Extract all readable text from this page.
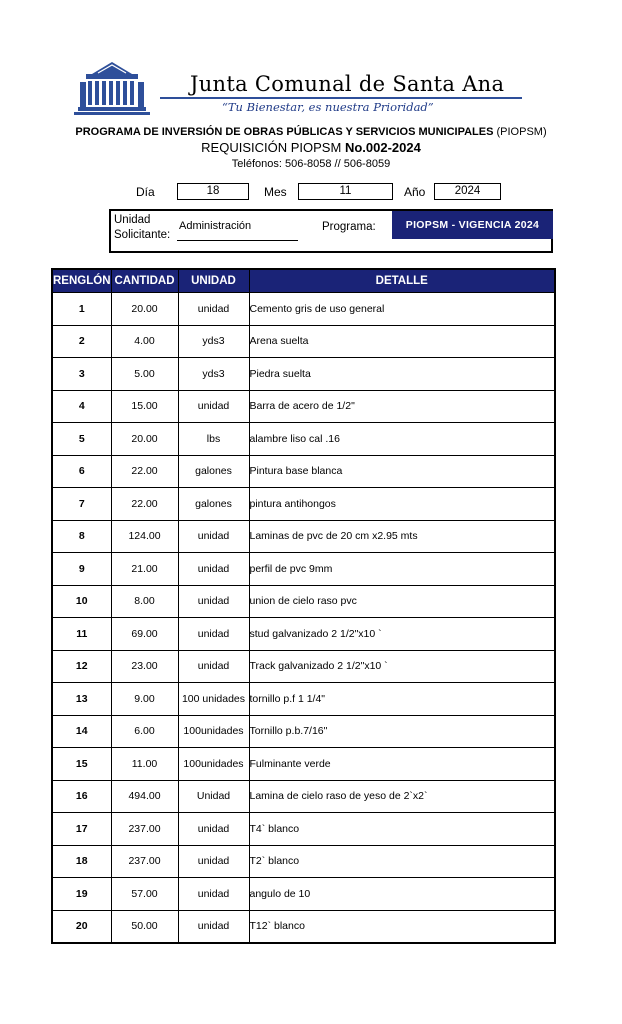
Junta Comunal de Santa Ana
“Tu Bienestar, es nuestra Prioridad”
PROGRAMA DE INVERSIÓN DE OBRAS PÚBLICAS Y SERVICIOS MUNICIPALES (PIOPSM)
REQUISICIÓN PIOPSM No.002-2024
Teléfonos: 506-8058 // 506-8059
Día	18	Mes	11	Año	2024
Unidad
Solicitante:
Administración	Programa:	PIOPSM - VIGENCIA 2024
RENGLÓN	CANTIDAD	UNIDAD	DETALLE
1	20.00	unidad	Cemento gris de uso general
2	4.00	yds3	Arena suelta
3	5.00	yds3	Piedra suelta
4	15.00	unidad	Barra de acero de 1/2"
5	20.00	lbs	alambre liso cal .16
6	22.00	galones	Pintura base blanca
7	22.00	galones	pintura antihongos
8	124.00	unidad	Laminas de pvc de 20 cm x2.95 mts
9	21.00	unidad	perfil de pvc 9mm
10	8.00	unidad	union de cielo raso pvc
11	69.00	unidad	stud galvanizado 2 1/2"x10 `
12	23.00	unidad	Track galvanizado 2 1/2"x10 `
13	9.00	100 unidades	tornillo p.f 1 1/4"
14	6.00	100unidades	Tornillo p.b.7/16"
15	11.00	100unidades	Fulminante verde
16	494.00	Unidad	Lamina de cielo raso de yeso de 2`x2`
17	237.00	unidad	T4` blanco
18	237.00	unidad	T2` blanco
19	57.00	unidad	angulo de 10
20	50.00	unidad	T12` blanco
